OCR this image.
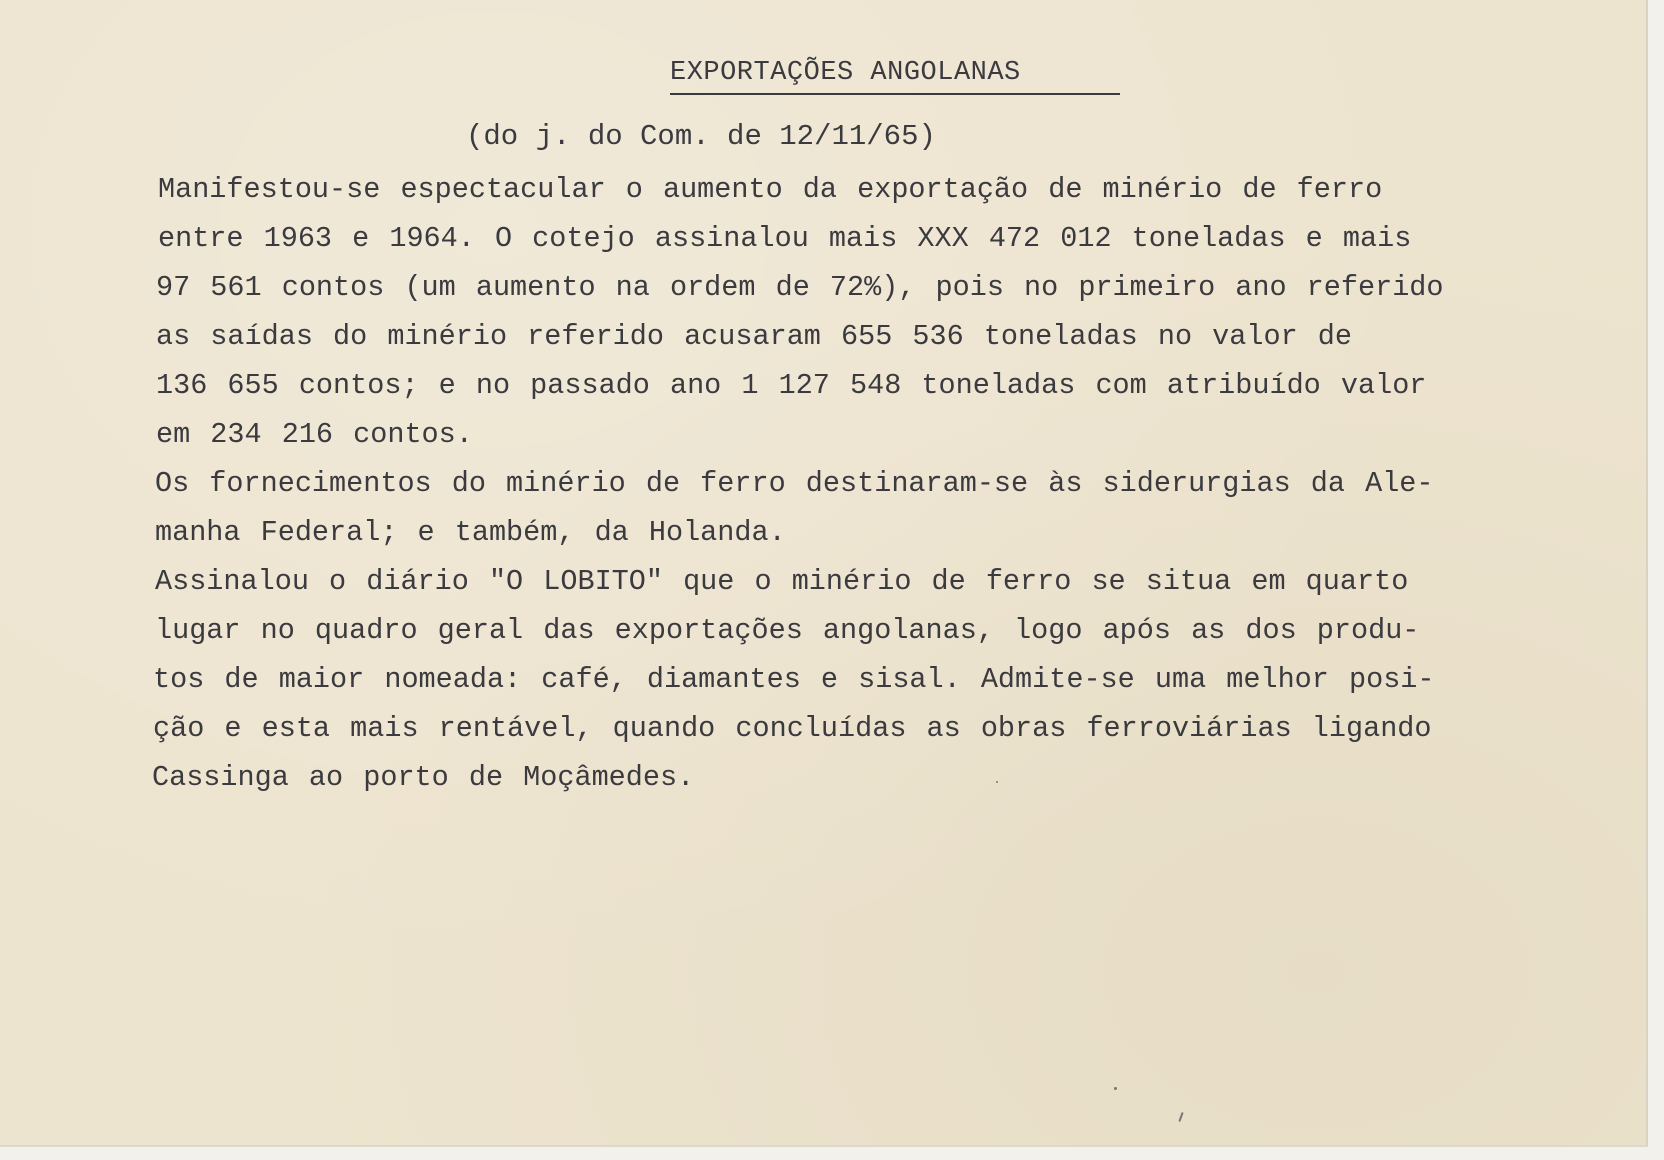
EXPORTAÇÕES ANGOLANAS
(do j. do Com. de 12/11/65)
Manifestou-se espectacular o aumento da exportação de minério de ferro
entre 1963 e 1964. O cotejo assinalou mais XXX 472 012 toneladas e mais
97 561 contos (um aumento na ordem de 72%), pois no primeiro ano referido
as saídas do minério referido acusaram 655 536 toneladas no valor de
136 655 contos; e no passado ano 1 127 548 toneladas com atribuído valor
em 234 216 contos.
Os fornecimentos do minério de ferro destinaram-se às siderurgias da Ale-
manha Federal; e também, da Holanda.
Assinalou o diário "O LOBITO" que o minério de ferro se situa em quarto
lugar no quadro geral das exportações angolanas, logo após as dos produ-
tos de maior nomeada: café, diamantes e sisal. Admite-se uma melhor posi-
ção e esta mais rentável, quando concluídas as obras ferroviárias ligando
Cassinga ao porto de Moçâmedes.
